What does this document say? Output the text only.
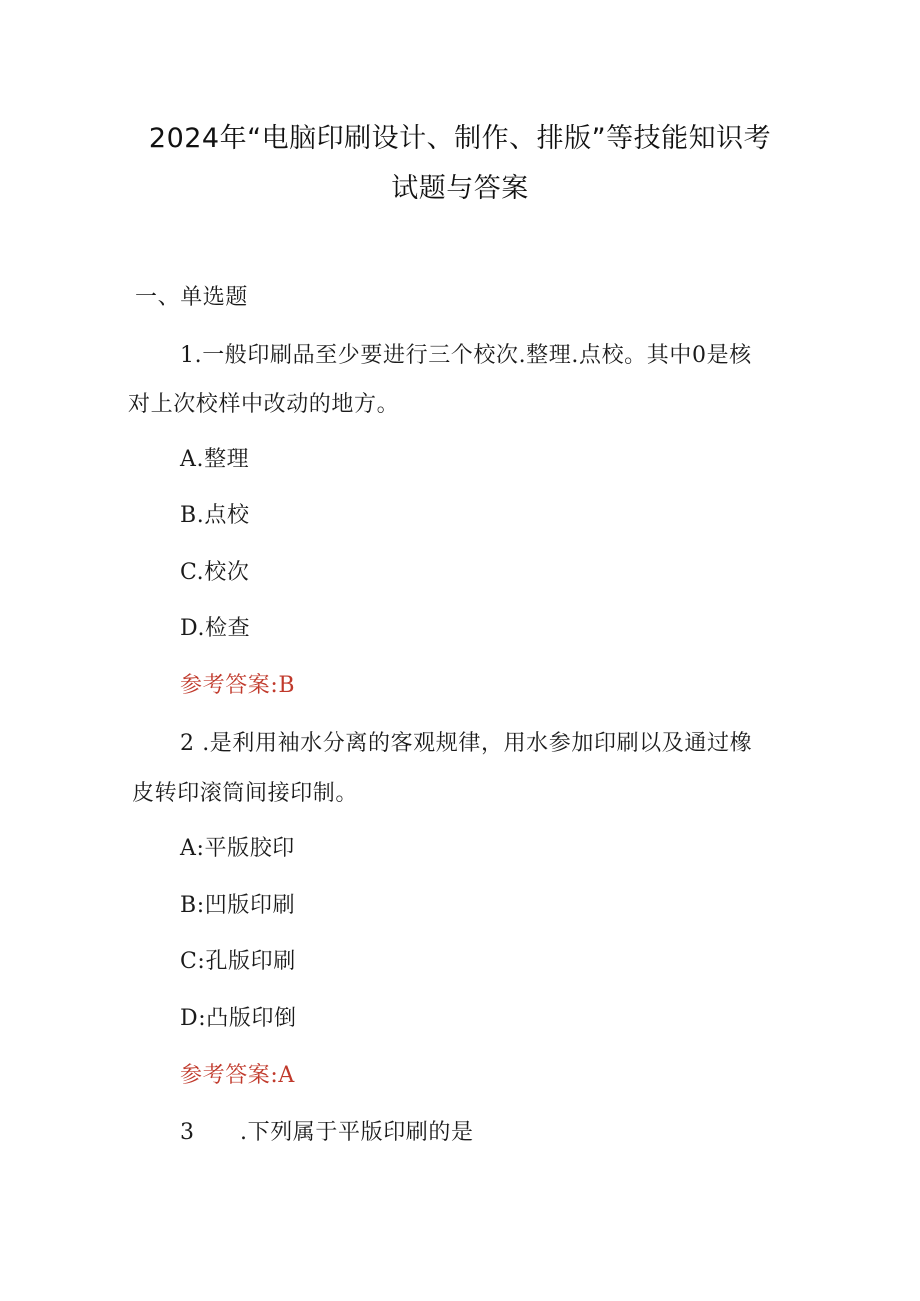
2024年“电脑印刷设计、制作、排版”等技能知识考
试题与答案
一、单选题
1.一般印刷品至少要进行三个校次.整理.点校。其中0是核
对上次校样中改动的地方。
A.整理
B.点校
C.校次
D.检查
参考答案:B
2 .是利用袖水分离的客观规律，用水参加印刷以及通过橡
皮转印滚筒间接印制。
A:平版胶印
B:凹版印刷
C:孔版印刷
D:凸版印倒
参考答案:A
3 .下列属于平版印刷的是
